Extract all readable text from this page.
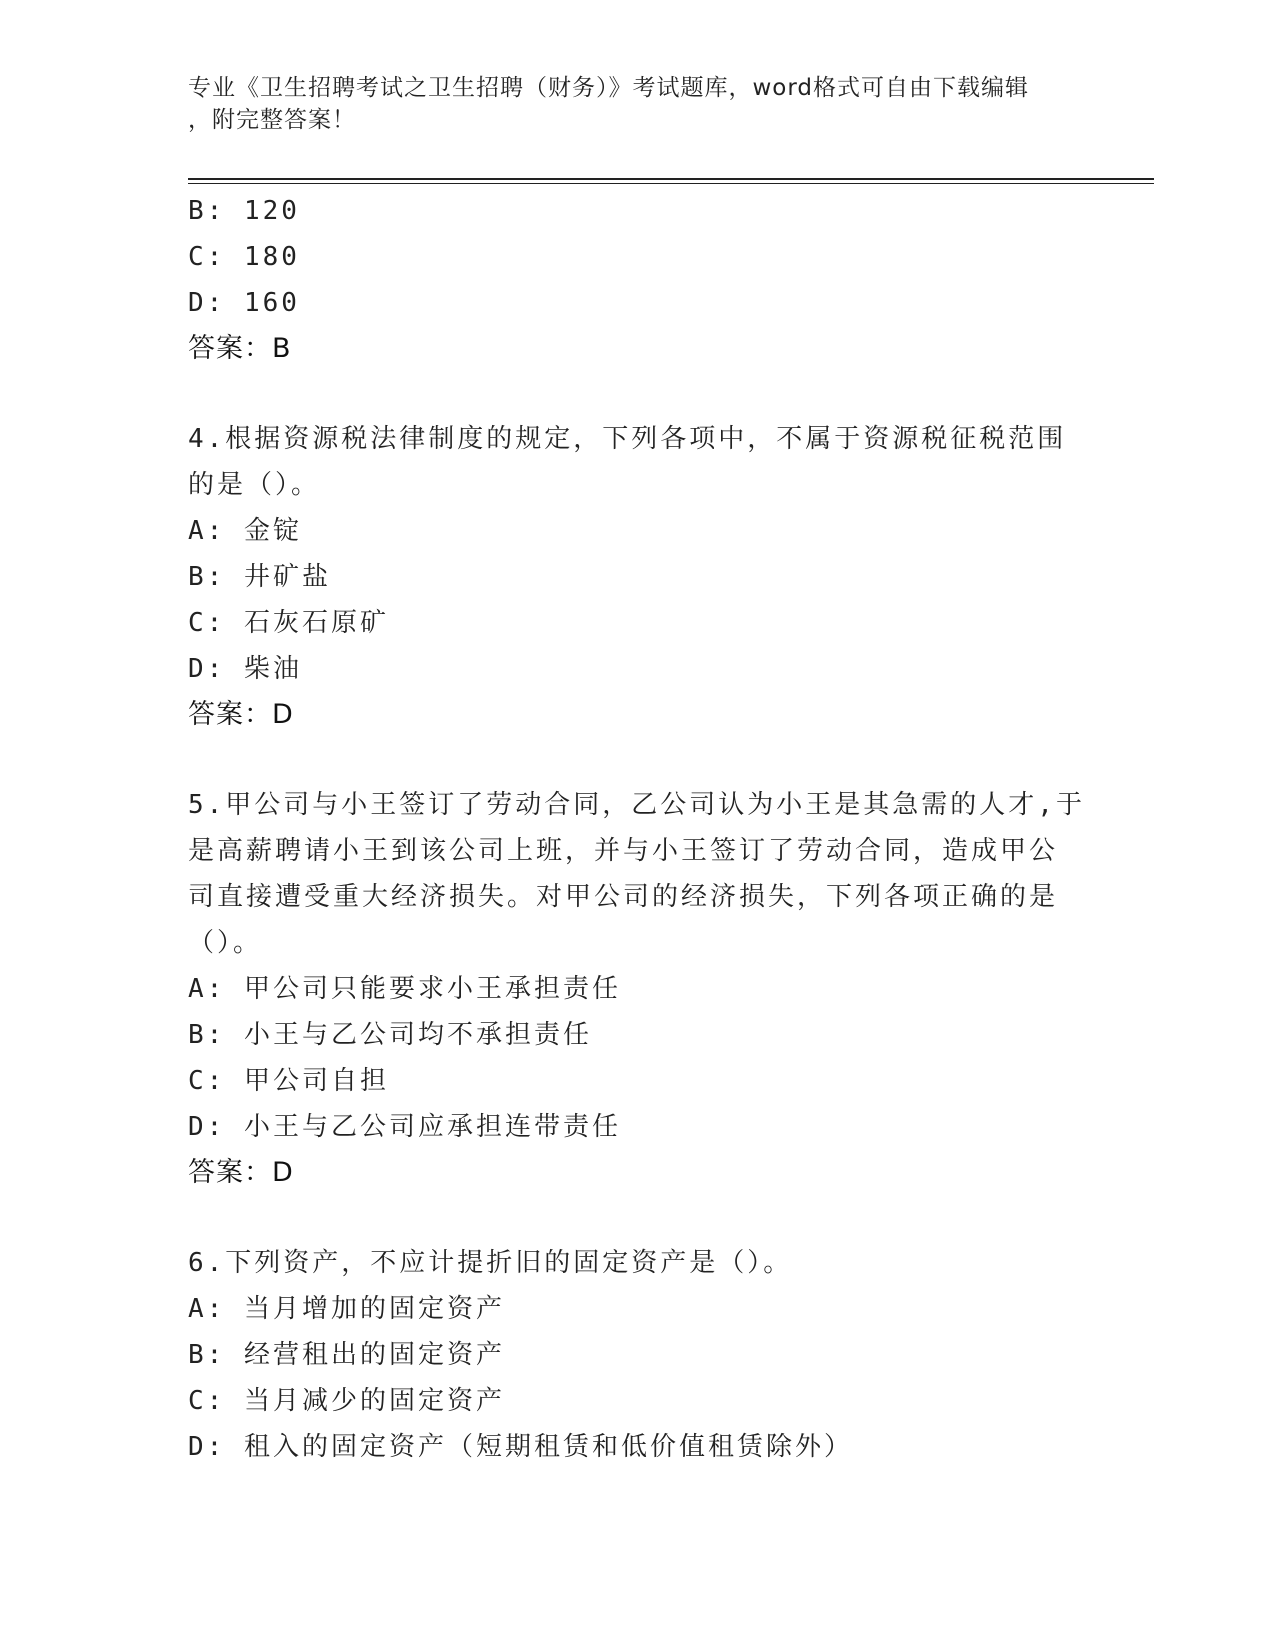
专业《卫生招聘考试之卫生招聘（财务）》考试题库，word格式可自由下载编辑
，附完整答案！
B: 120
C: 180
D: 160
答案：B
4.根据资源税法律制度的规定，下列各项中，不属于资源税征税范围
的是（）。
A: 金锭
B: 井矿盐
C: 石灰石原矿
D: 柴油
答案：D
5.甲公司与小王签订了劳动合同，乙公司认为小王是其急需的人才,于
是高薪聘请小王到该公司上班，并与小王签订了劳动合同，造成甲公
司直接遭受重大经济损失。对甲公司的经济损失，下列各项正确的是
（）。
A: 甲公司只能要求小王承担责任
B: 小王与乙公司均不承担责任
C: 甲公司自担
D: 小王与乙公司应承担连带责任
答案：D
6.下列资产，不应计提折旧的固定资产是（）。
A: 当月增加的固定资产
B: 经营租出的固定资产
C: 当月减少的固定资产
D: 租入的固定资产（短期租赁和低价值租赁除外）
